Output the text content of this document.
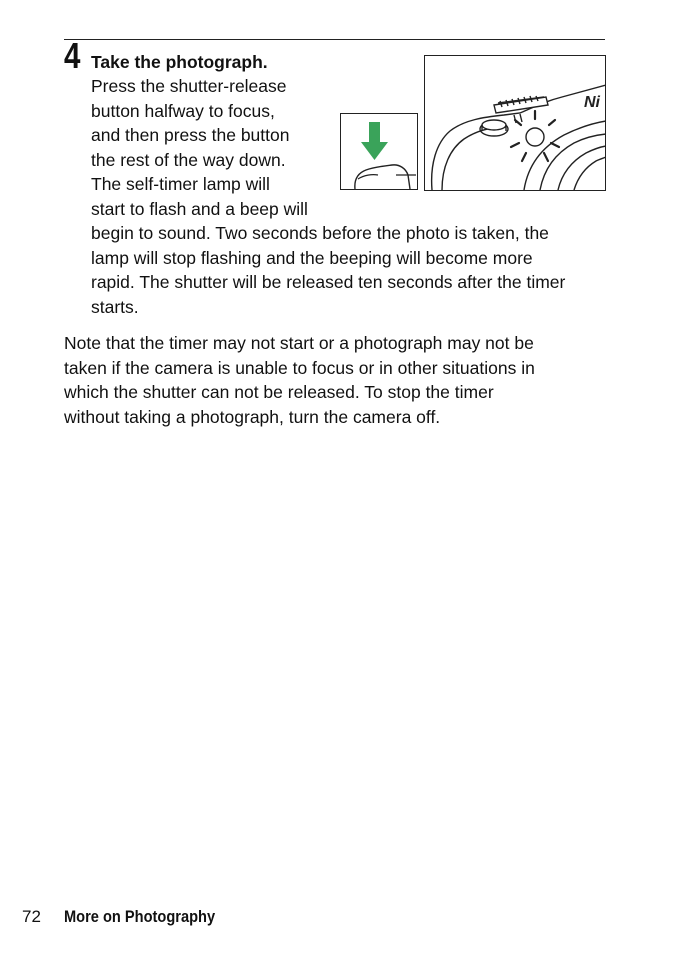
4 Take the photograph.
Press the shutter-release
button halfway to focus,
and then press the button
the rest of the way down.
The self-timer lamp will
start to flash and a beep will
begin to sound. Two seconds before the photo is taken, the
lamp will stop flashing and the beeping will become more
rapid. The shutter will be released ten seconds after the timer
starts.
Ni
Note that the timer may not start or a photograph may not be
taken if the camera is unable to focus or in other situations in
which the shutter can not be released. To stop the timer
without taking a photograph, turn the camera off.
72 More on Photography
